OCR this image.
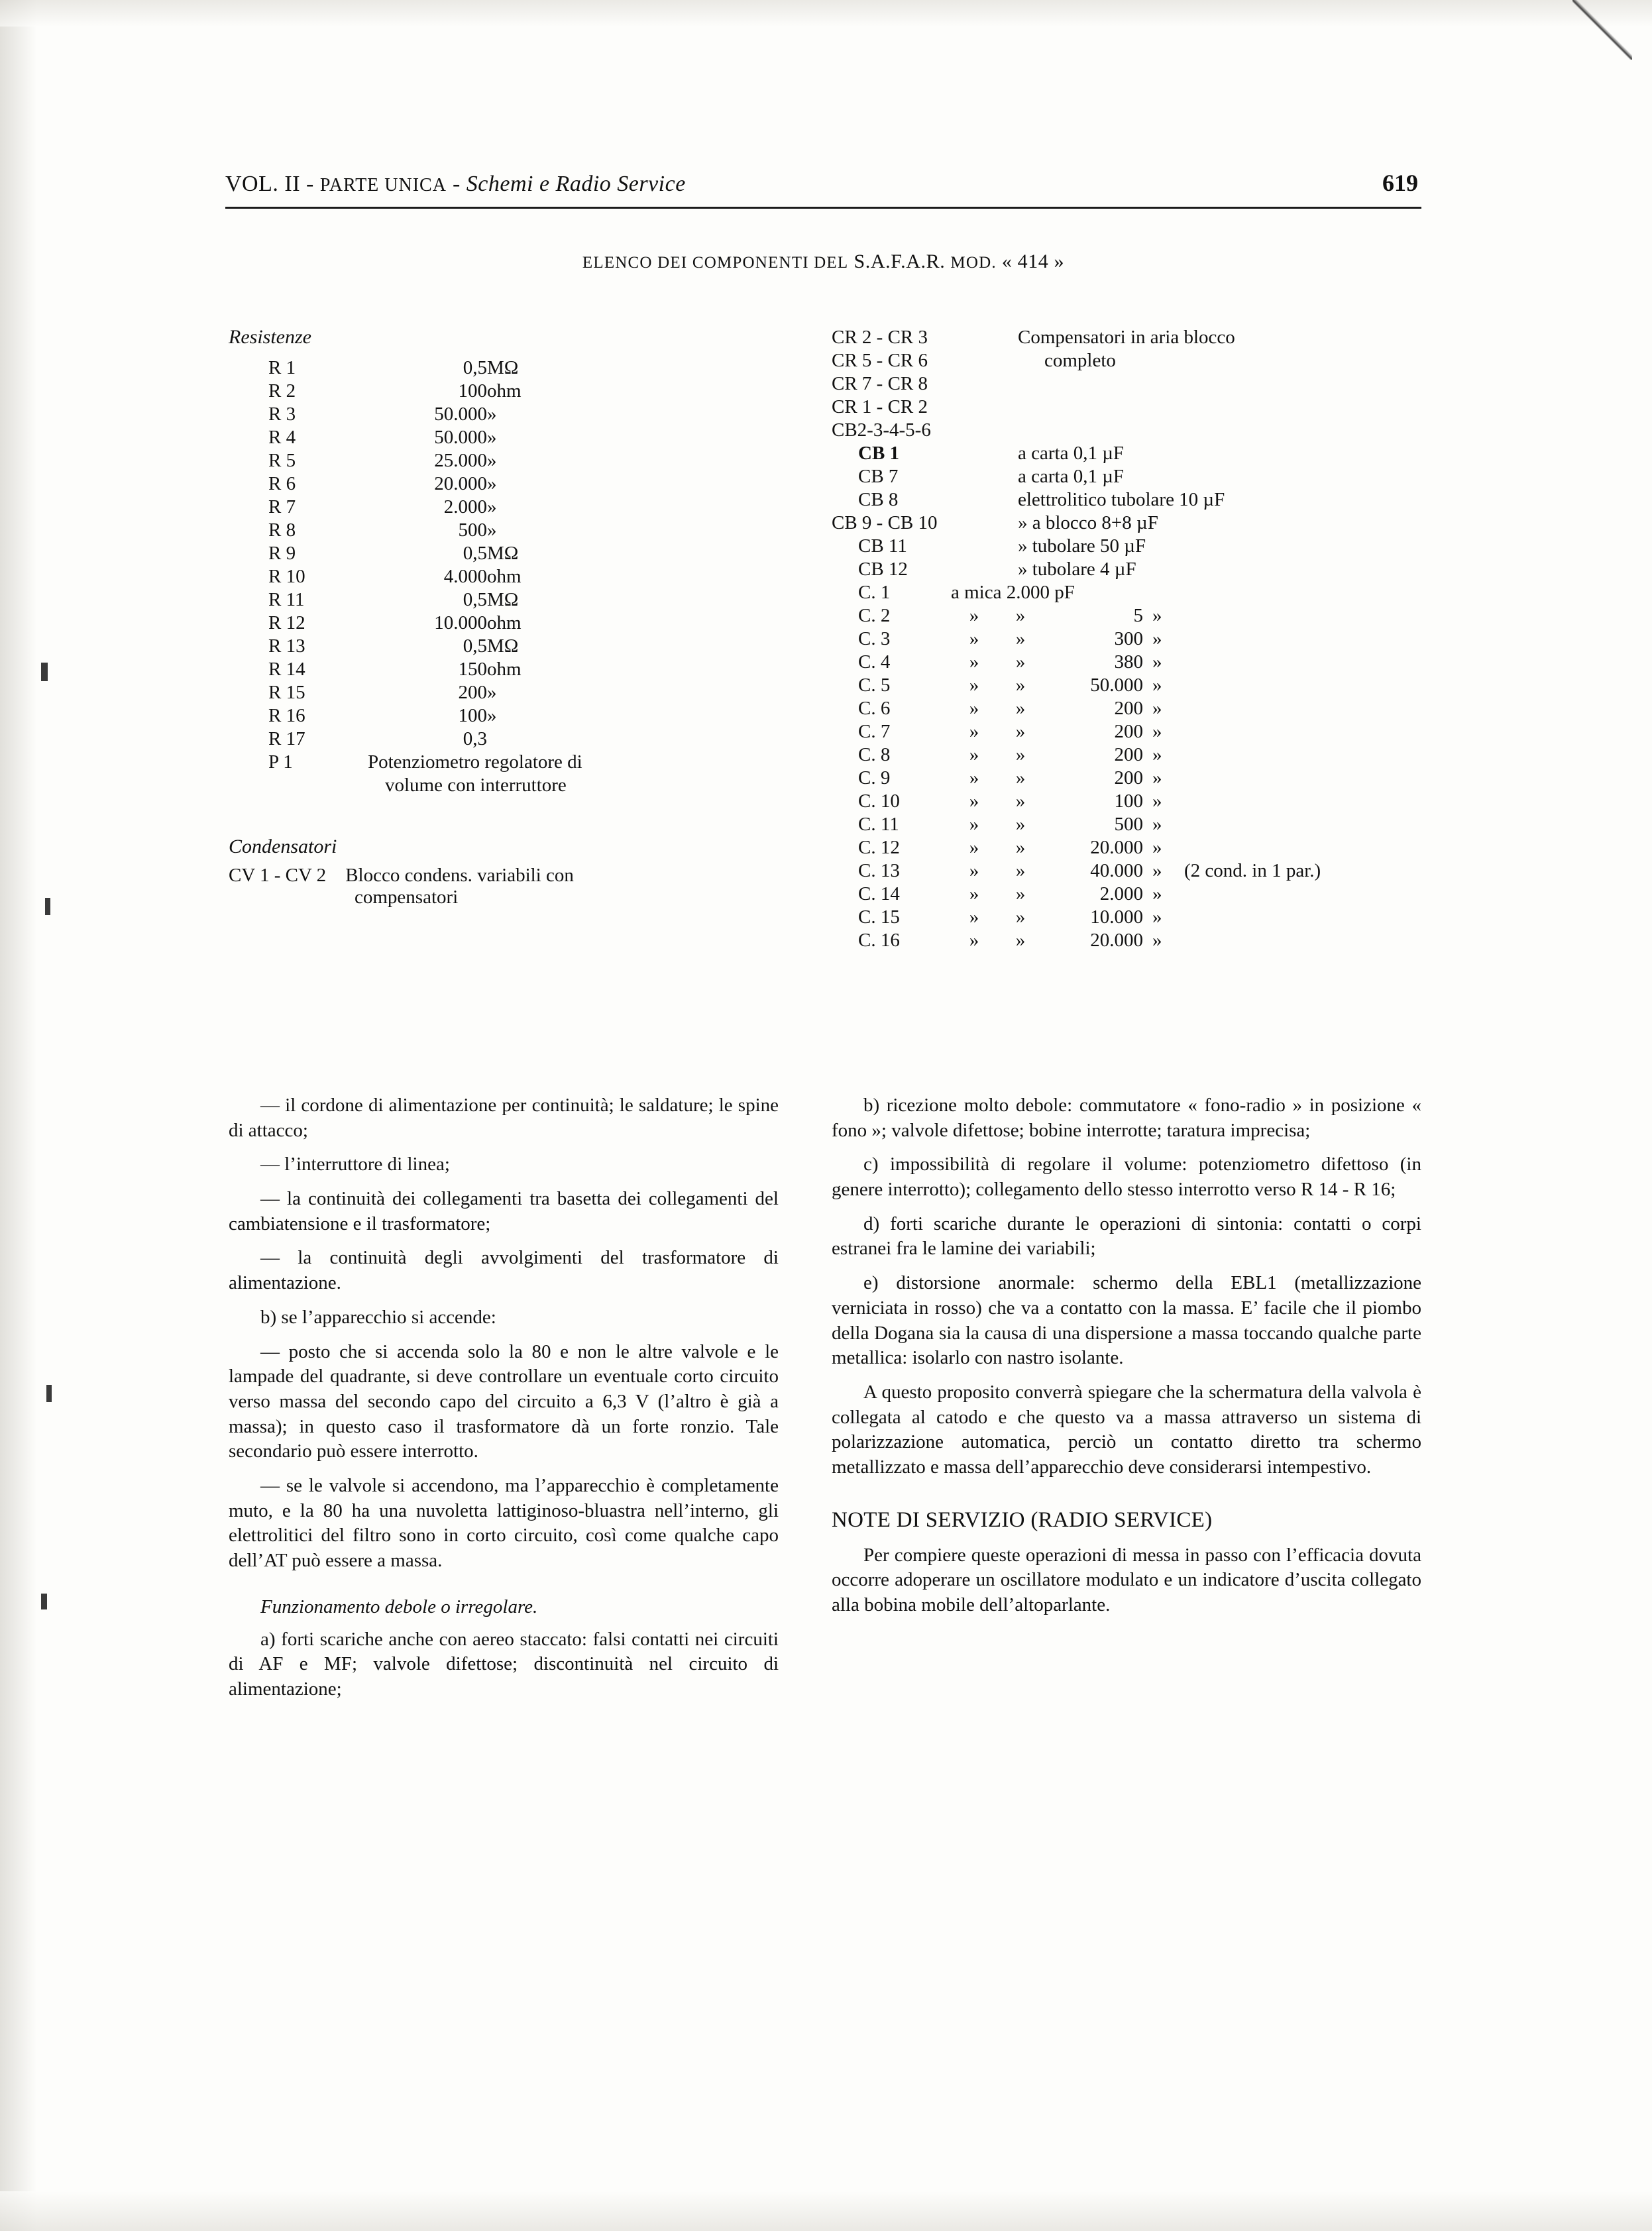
VOL. II - PARTE UNICA - Schemi e Radio Service	619
ELENCO DEI COMPONENTI DEL S.A.F.A.R. MOD. « 414 »
Resistenze
R 1	0,5	MΩ
R 2	100	ohm
R 3	50.000	»
R 4	50.000	»
R 5	25.000	»
R 6	20.000	»
R 7	2.000	»
R 8	500	»
R 9	0,5	MΩ
R 10	4.000	ohm
R 11	0,5	MΩ
R 12	10.000	ohm
R 13	0,5	MΩ
R 14	150	ohm
R 15	200	»
R 16	100	»
R 17	0,3	
P 1	Potenziometro regolatore di	
	volume con interruttore	
Condensatori
CV 1 - CV 2 Blocco condens. variabili con
compensatori
CR 2 - CR 3	Compensatori in aria blocco
CR 5 - CR 6	completo
CR 7 - CR 8	
CR 1 - CR 2	
CB2-3-4-5-6	
CB 1	a carta 0,1 µF
CB 7	a carta 0,1 µF
CB 8	elettrolitico tubolare 10 µF
CB 9 - CB 10	» a blocco 8+8 µF
CB 11	» tubolare 50 µF
CB 12	» tubolare 4 µF
C. 1	a mica 2.000 pF				
C. 2	»	»	5	»	
C. 3	»	»	300	»	
C. 4	»	»	380	»	
C. 5	»	»	50.000	»	
C. 6	»	»	200	»	
C. 7	»	»	200	»	
C. 8	»	»	200	»	
C. 9	»	»	200	»	
C. 10	»	»	100	»	
C. 11	»	»	500	»	
C. 12	»	»	20.000	»	
C. 13	»	»	40.000	»	(2 cond. in 1 par.)
C. 14	»	»	2.000	»	
C. 15	»	»	10.000	»	
C. 16	»	»	20.000	»	

— il cordone di alimentazione per continuità; le saldature; le spine di attacco;

— l’interruttore di linea;

— la continuità dei collegamenti tra basetta dei collegamenti del cambiatensione e il trasformatore;

— la continuità degli avvolgimenti del trasformatore di alimentazione.

b) se l’apparecchio si accende:

— posto che si accenda solo la 80 e non le altre valvole e le lampade del quadrante, si deve controllare un eventuale corto circuito verso massa del secondo capo del circuito a 6,3 V (l’altro è già a massa); in questo caso il trasformatore dà un forte ronzio. Tale secondario può essere interrotto.

— se le valvole si accendono, ma l’apparecchio è completamente muto, e la 80 ha una nuvoletta lattiginoso-bluastra nell’interno, gli elettrolitici del filtro sono in corto circuito, così come qualche capo dell’AT può essere a massa.

Funzionamento debole o irregolare.

a) forti scariche anche con aereo staccato: falsi contatti nei circuiti di AF e MF; valvole difettose; discontinuità nel circuito di alimentazione;

b) ricezione molto debole: commutatore « fono-radio » in posizione « fono »; valvole difettose; bobine interrotte; taratura imprecisa;

c) impossibilità di regolare il volume: potenziometro difettoso (in genere interrotto); collegamento dello stesso interrotto verso R 14 - R 16;

d) forti scariche durante le operazioni di sintonia: contatti o corpi estranei fra le lamine dei variabili;

e) distorsione anormale: schermo della EBL1 (metallizzazione verniciata in rosso) che va a contatto con la massa. E’ facile che il piombo della Dogana sia la causa di una dispersione a massa toccando qualche parte metallica: isolarlo con nastro isolante.

A questo proposito converrà spiegare che la schermatura della valvola è collegata al catodo e che questo va a massa attraverso un sistema di polarizzazione automatica, perciò un contatto diretto tra schermo metallizzato e massa dell’apparecchio deve considerarsi intempestivo.

NOTE DI SERVIZIO (RADIO SERVICE)

Per compiere queste operazioni di messa in passo con l’efficacia dovuta occorre adoperare un oscillatore modulato e un indicatore d’uscita collegato alla bobina mobile dell’altoparlante.
